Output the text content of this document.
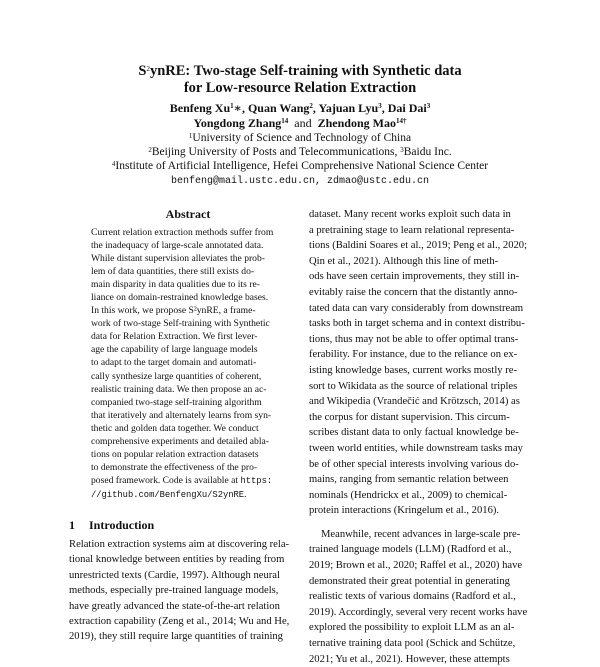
$S^2ynRE$: Two-stage Self-training with Synthetic data
for Low-resource Relation Extraction
Benfeng Xu$^1$∗, Quan Wang$^2$, Yajuan Lyu$^3$, Dai Dai$^3$
Yongdong Zhang$^{14}$ and Zhendong Mao$^{14\dagger}$
$^1$University of Science and Technology of China
$^2$Beijing University of Posts and Telecommunications, $^3$Baidu Inc.
$^4$Institute of Artificial Intelligence, Hefei Comprehensive National Science Center
benfeng@mail.ustc.edu.cn, zdmao@ustc.edu.cn
Abstract
Current relation extraction methods suffer from
the inadequacy of large-scale annotated data.
While distant supervision alleviates the prob-
lem of data quantities, there still exists do-
main disparity in data qualities due to its re-
liance on domain-restrained knowledge bases.
In this work, we propose S²ynRE, a frame-
work of two-stage Self-training with Synthetic
data for Relation Extraction. We first lever-
age the capability of large language models
to adapt to the target domain and automati-
cally synthesize large quantities of coherent,
realistic training data. We then propose an ac-
companied two-stage self-training algorithm
that iteratively and alternately learns from syn-
thetic and golden data together. We conduct
comprehensive experiments and detailed abla-
tions on popular relation extraction datasets
to demonstrate the effectiveness of the pro-
posed framework. Code is available at https:
//github.com/BenfengXu/S2ynRE.
1 Introduction
Relation extraction systems aim at discovering rela-
tional knowledge between entities by reading from
unrestricted texts (Cardie, 1997). Although neural
methods, especially pre-trained language models,
have greatly advanced the state-of-the-art relation
extraction capability (Zeng et al., 2014; Wu and He,
2019), they still require large quantities of training
dataset. Many recent works exploit such data in
a pretraining stage to learn relational representa-
tions (Baldini Soares et al., 2019; Peng et al., 2020;
Qin et al., 2021). Although this line of meth-
ods have seen certain improvements, they still in-
evitably raise the concern that the distantly anno-
tated data can vary considerably from downstream
tasks both in target schema and in context distribu-
tions, thus may not be able to offer optimal trans-
ferability. For instance, due to the reliance on ex-
isting knowledge bases, current works mostly re-
sort to Wikidata as the source of relational triples
and Wikipedia (Vrandečić and Krötzsch, 2014) as
the corpus for distant supervision. This circum-
scribes distant data to only factual knowledge be-
tween world entities, while downstream tasks may
be of other special interests involving various do-
mains, ranging from semantic relation between
nominals (Hendrickx et al., 2009) to chemical-
protein interactions (Kringelum et al., 2016).
Meanwhile, recent advances in large-scale pre-
trained language models (LLM) (Radford et al.,
2019; Brown et al., 2020; Raffel et al., 2020) have
demonstrated their great potential in generating
realistic texts of various domains (Radford et al.,
2019). Accordingly, several very recent works have
explored the possibility to exploit LLM as an al-
ternative training data pool (Schick and Schütze,
2021; Yu et al., 2021). However, these attempts
